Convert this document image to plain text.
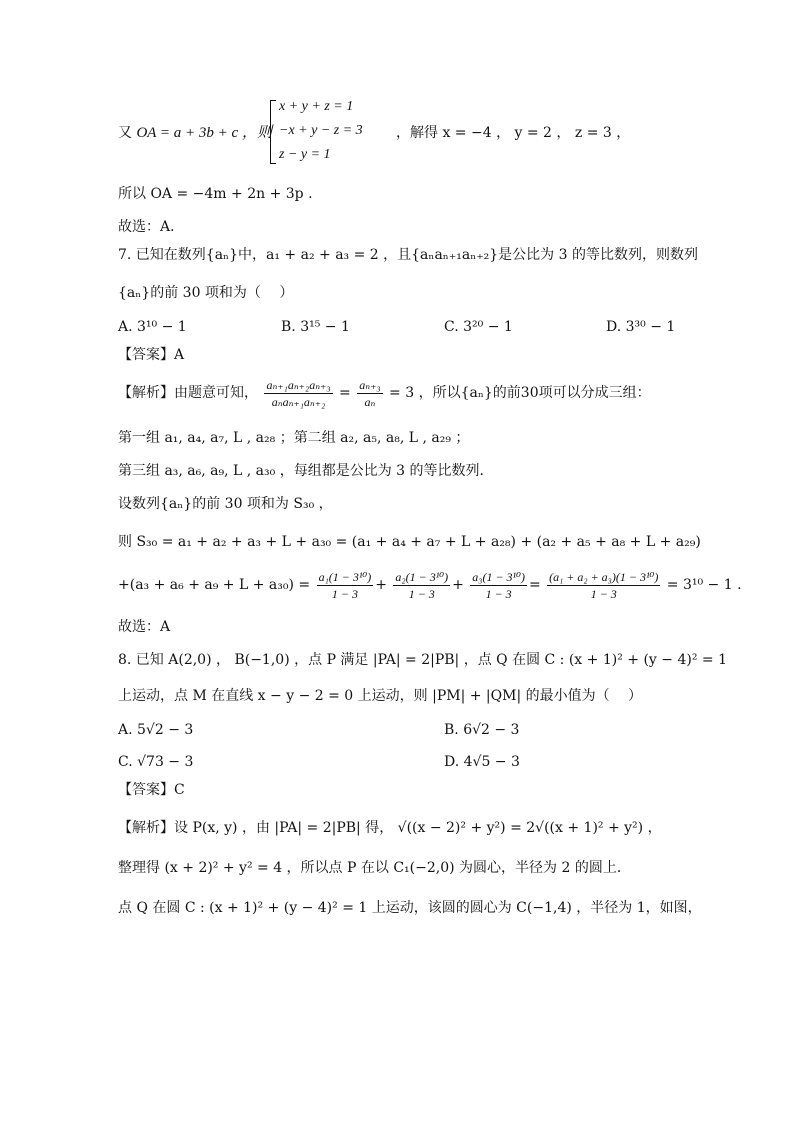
又 OA = a + 3b + c ，则
x + y + z = 1
−x + y − z = 3
z − y = 1
，解得 x = −4 ， y = 2 ， z = 3 ，
所以 OA = −4m + 2n + 3p .
故选：A．
7. 已知在数列{aₙ}中，a₁ + a₂ + a₃ = 2 ，且{aₙaₙ₊₁aₙ₊₂}是公比为 3 的等比数列，则数列
{aₙ}的前 30 项和为（　 ）
A. 3¹⁰ − 1	B. 3¹⁵ − 1	C. 3²⁰ − 1	D. 3³⁰ − 1
【答案】A
【解析】由题意可知， $\frac{\text{aₙ₊₁aₙ₊₂aₙ₊₃}}{\text{aₙaₙ₊₁aₙ₊₂}} = \frac{\text{aₙ₊₃}}{\text{aₙ}} = 3$ ，所以{aₙ}的前30项可以分成三组：
第一组 a₁, a₄, a₇, L , a₂₈ ；第二组 a₂, a₅, a₈, L , a₂₉ ；
第三组 a₃, a₆, a₉, L , a₃₀ ，每组都是公比为 3 的等比数列．
设数列{aₙ}的前 30 项和为 S₃₀ ，
则 S₃₀ = a₁ + a₂ + a₃ + L + a₃₀ = (a₁ + a₄ + a₇ + L + a₂₈) + (a₂ + a₅ + a₈ + L + a₂₉)
$+(a_3 + a_6 + a_9 + L + a_{30}) = \frac{\text{a₁(1 − 3¹⁰)}}{1 - 3} + \frac{\text{a₂(1 − 3¹⁰)}}{1 - 3} + \frac{\text{a₃(1 − 3¹⁰)}}{1 - 3} = \frac{\text{(a₁ + a₂ + a₃)(1 − 3¹⁰)}}{1 - 3} = 3^{10} - 1$ .
故选：A
8. 已知 A(2,0) ， B(−1,0) ，点 P 满足 |PA| = 2|PB| ，点 Q 在圆 C : (x + 1)² + (y − 4)² = 1
上运动，点 M 在直线 x − y − 2 = 0 上运动，则 |PM| + |QM| 的最小值为（　 ）
A. 5√2 − 3	B. 6√2 − 3
C. √73 − 3	D. 4√5 − 3
【答案】C
【解析】设 P(x, y) ，由 |PA| = 2|PB| 得， √((x − 2)² + y²) = 2√((x + 1)² + y²) ，
整理得 (x + 2)² + y² = 4 ，所以点 P 在以 C₁(−2,0) 为圆心，半径为 2 的圆上．
点 Q 在圆 C : (x + 1)² + (y − 4)² = 1 上运动，该圆的圆心为 C(−1,4) ，半径为 1，如图，
